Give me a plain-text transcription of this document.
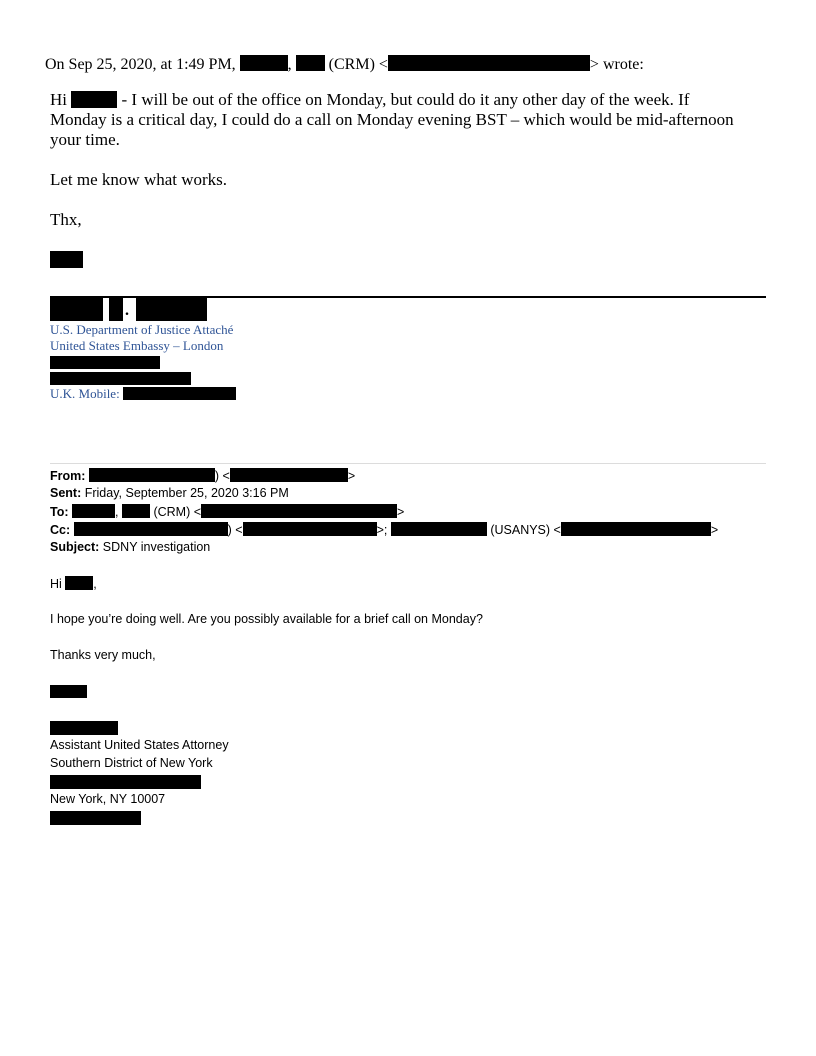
On Sep 25, 2020, at 1:49 PM,	, (CRM) <	> wrote:
Hi	- I will be out of the office on Monday, but could do it any other day of the week. If
Monday is a critical day, I could do a call on Monday evening BST – which would be mid-afternoon
your time.
Let me know what works.
Thx,
.
U.S. Department of Justice Attaché
United States Embassy – London
U.K. Mobile:
From:	) <	>
Sent: Friday, September 25, 2020 3:16 PM
To:	,	(CRM) <	>
Cc:	) <	>;	(USANYS) <	>
Subject: SDNY investigation
Hi	,
I hope you’re doing well. Are you possibly available for a brief call on Monday?
Thanks very much,
Assistant United States Attorney
Southern District of New York
New York, NY 10007
